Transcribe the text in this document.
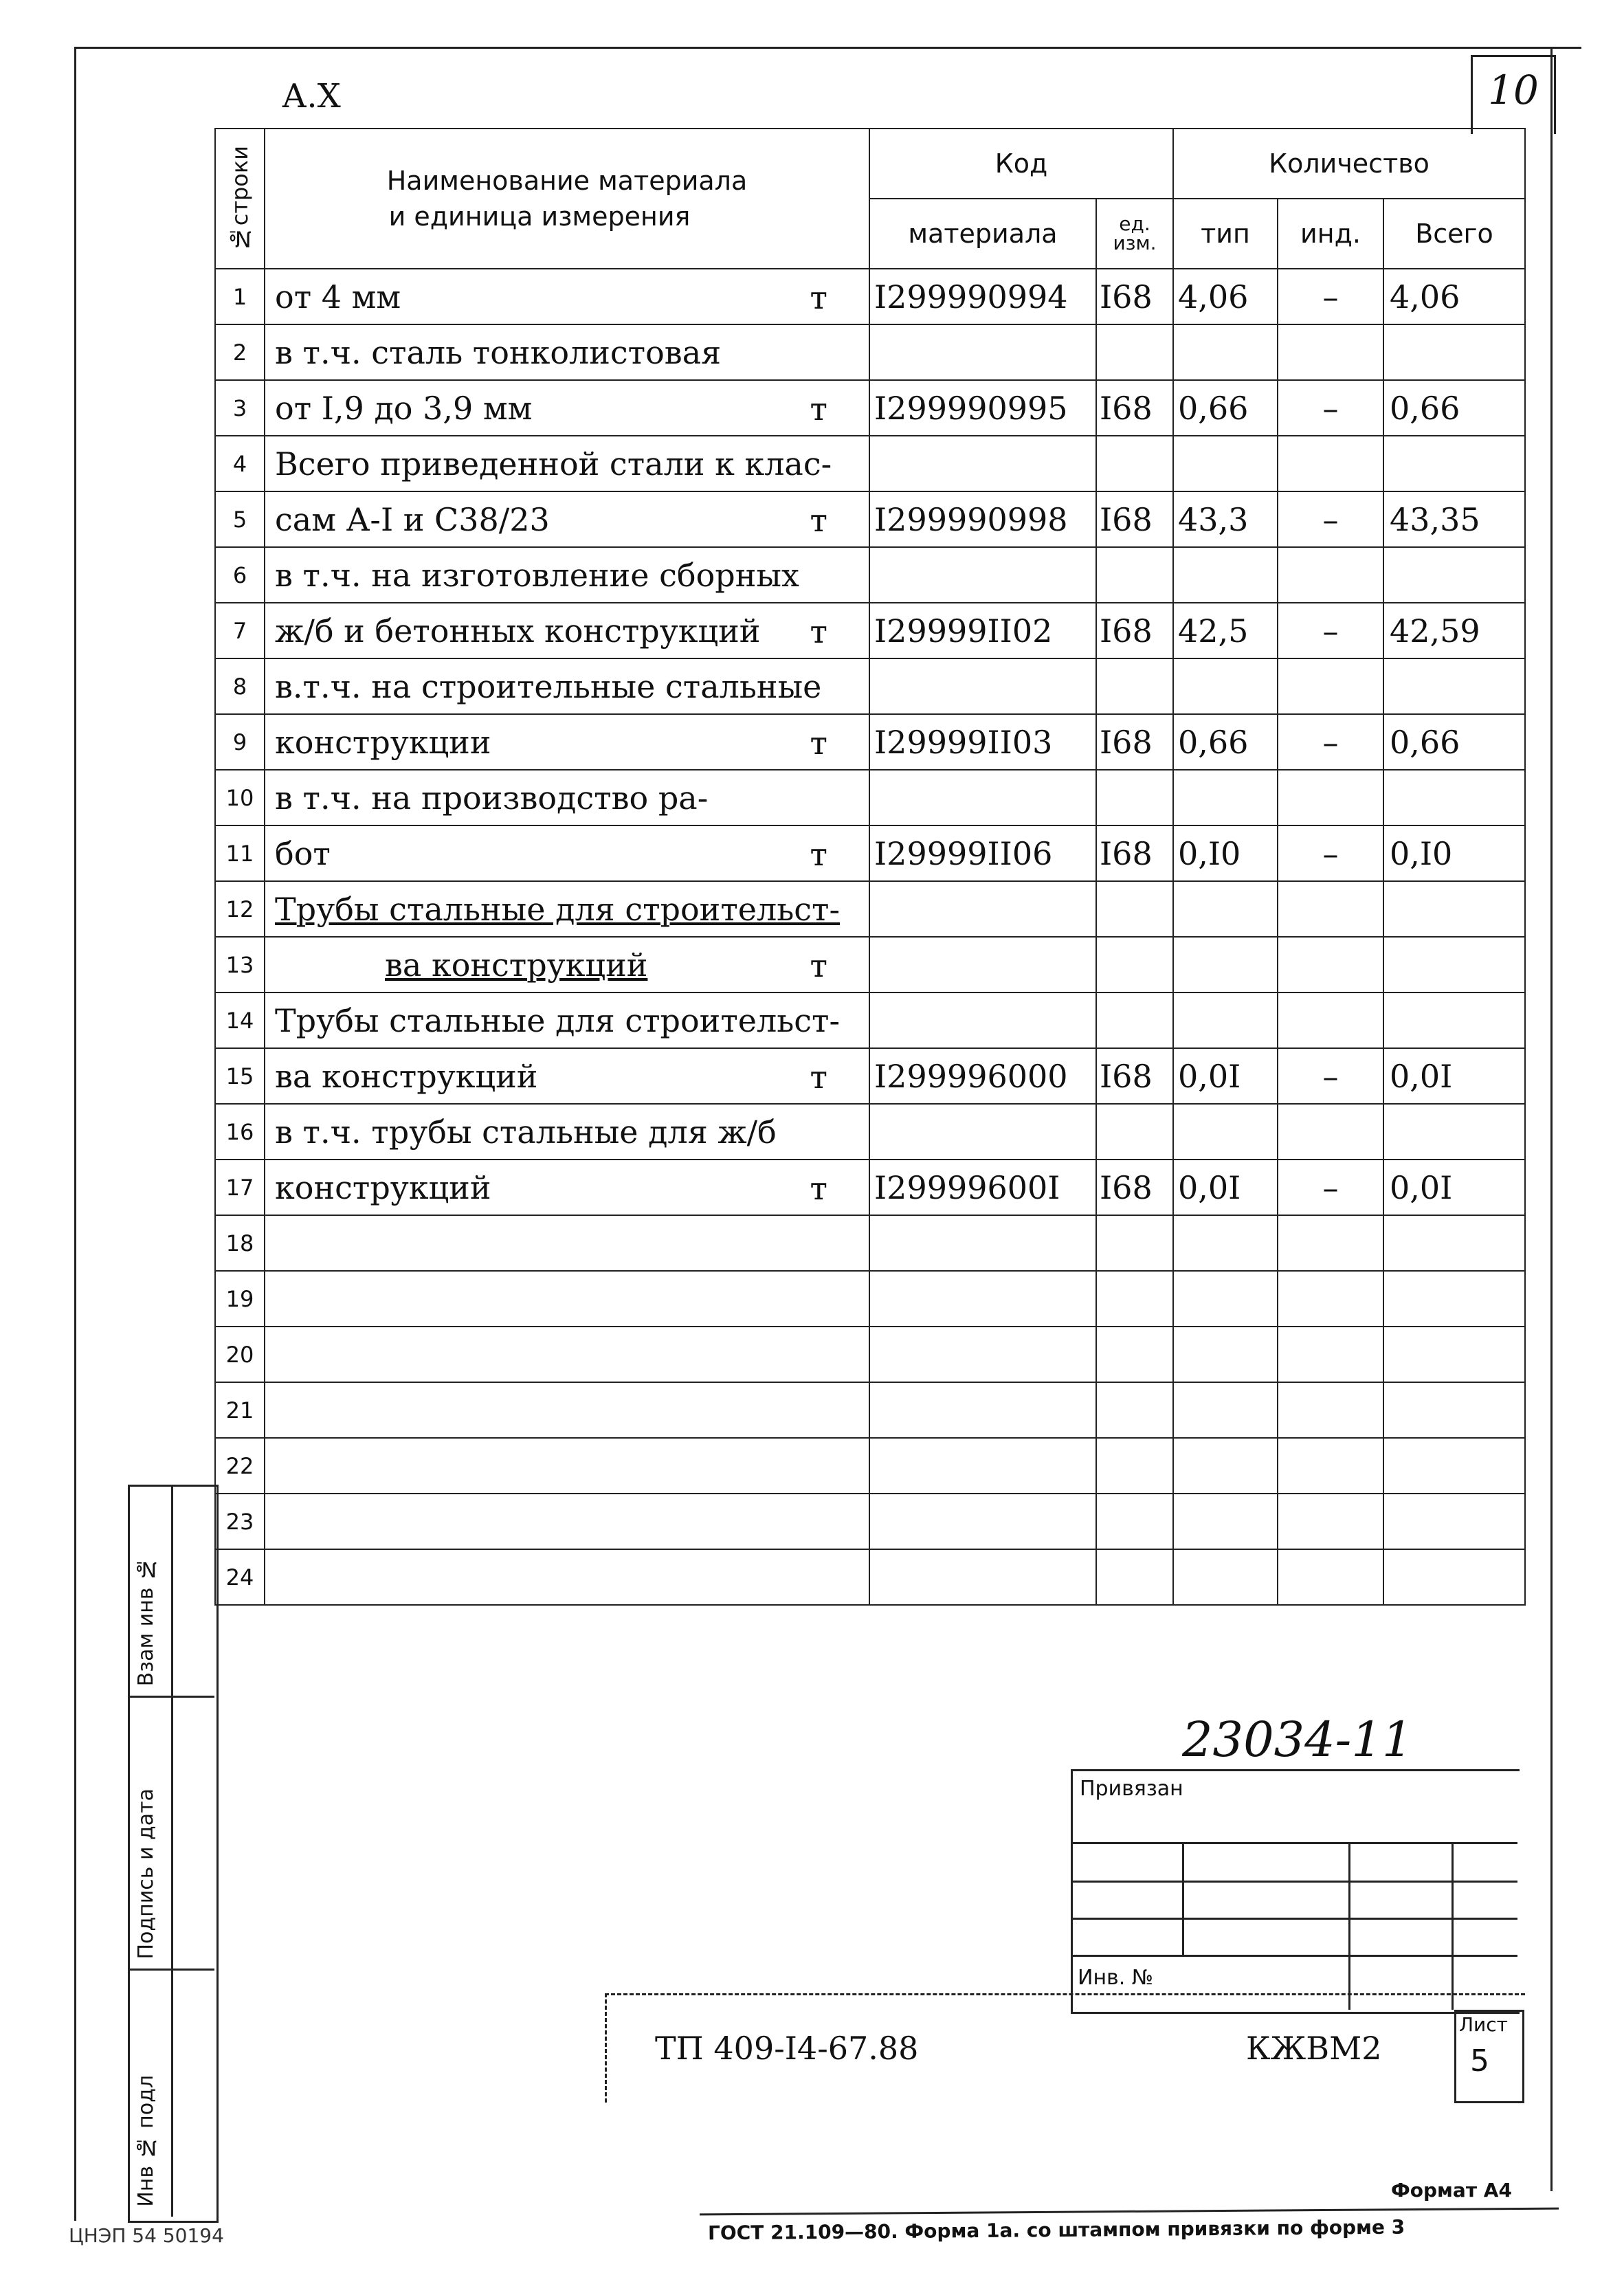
А.Х	10
№строки	Наименование материала
и единица измерения	Код		Количество		
		материала	ед. изм.	тип	инд.	Всего
1	от 4 мм т	I299990994	I68	4,06	–	4,06
2	в т.ч. сталь тонколистовая

3	от I,9 до 3,9 мм т	I299990995	I68	0,66	–	0,66
4	Всего приведенной стали к клас-

5	сам А-I и С38/23 т	I299990998	I68	43,3	–	43,35
6	в т.ч. на изготовление сборных

7	ж/б и бетонных конструкций т	I29999II02	I68	42,5	–	42,59
8	в.т.ч. на строительные стальные

9	конструкции т	I29999II03	I68	0,66	–	0,66
10	в т.ч. на производство ра-

11	бот т	I29999II06	I68	0,I0	–	0,I0
12	Трубы стальные для строительст-

13	ва конструкций т					

14	Трубы стальные для строительст-

15	ва конструкций т	I299996000	I68	0,0I	–	0,0I
16	в т.ч. трубы стальные для ж/б

17	конструкций т	I29999600I	I68	0,0I	–	0,0I
18	

19	

20	

21	

22	

23	

24	

Взам инв №
Подпись и дата
Инв № подл
23034-11
Привязан
Инв. №
ТП 409-I4-67.88	КЖВМ2
Лист
5
Формат А4
ГОСТ 21.109—80. Форма 1а. со штампом привязки по форме 3
ЦНЭП 54 50194
